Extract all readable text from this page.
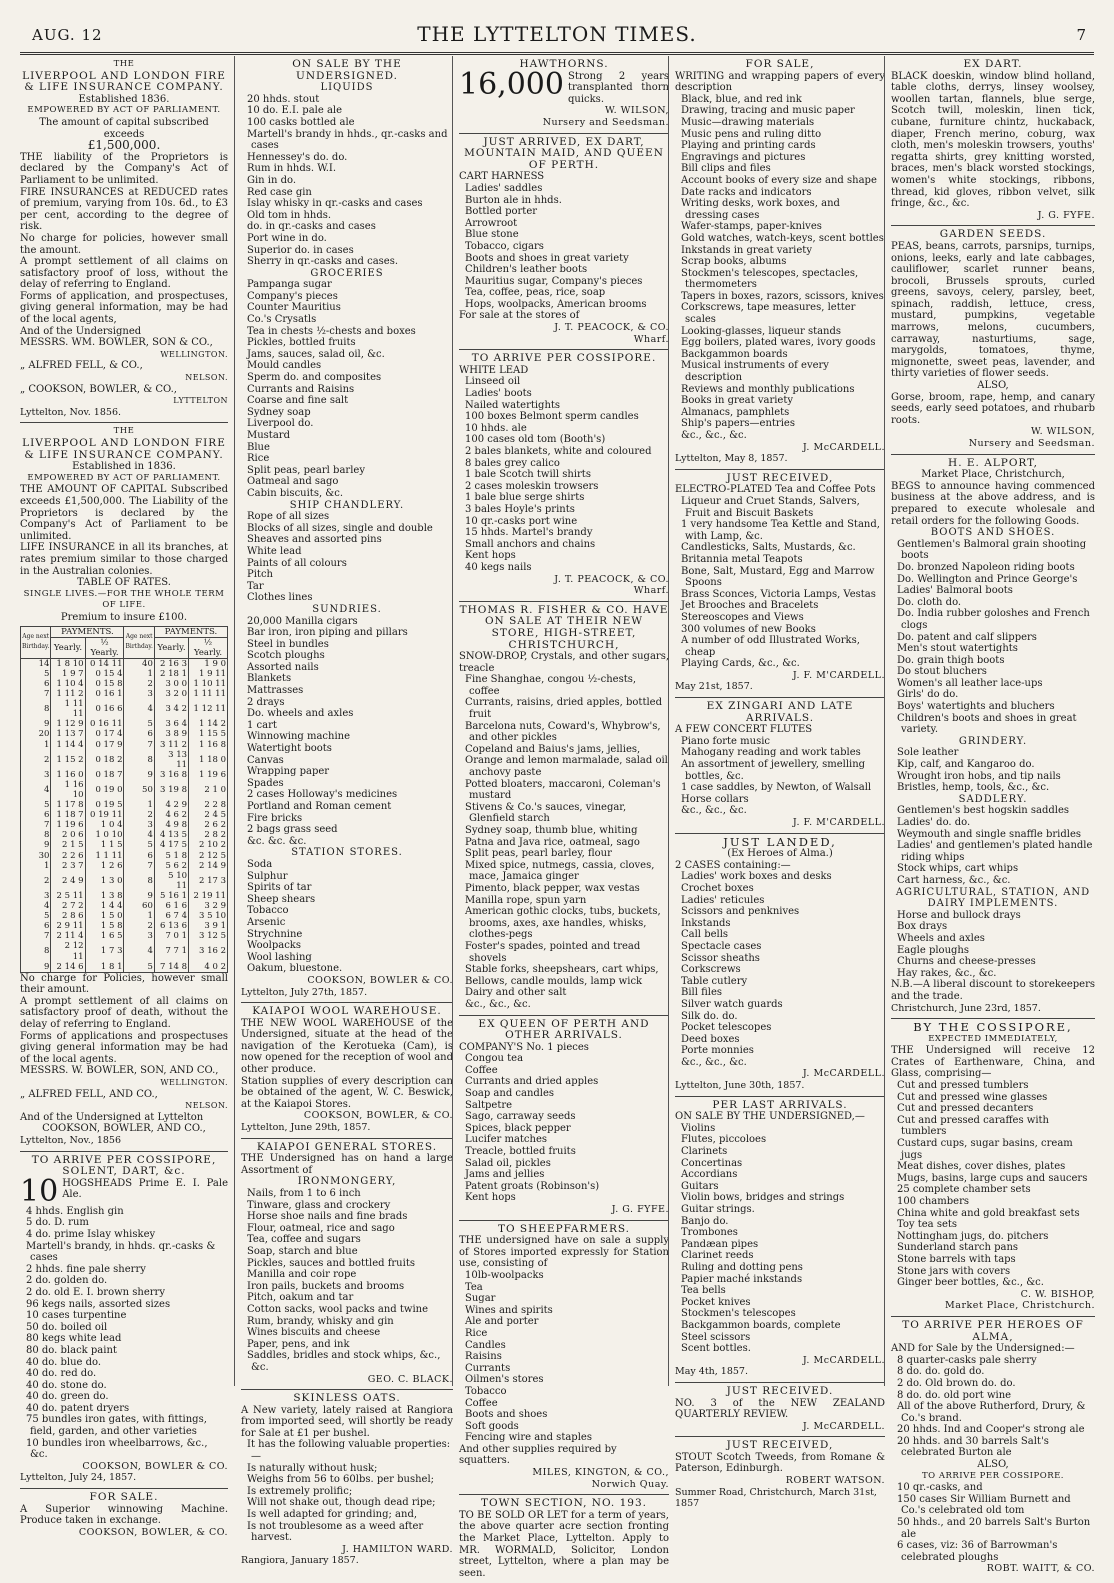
AUG. 12	THE LYTTELTON TIMES.	7
THE
LIVERPOOL AND LONDON FIRE & LIFE INSURANCE COMPANY.
Established 1836.
EMPOWERED BY ACT OF PARLIAMENT.
The amount of capital subscribed exceeds
£1,500,000.
THE liability of the Proprietors is declared by the Company's Act of Parliament to be unlimited.
FIRE INSURANCES at REDUCED rates of premium, varying from 10s. 6d., to £3 per cent, according to the degree of risk.
No charge for policies, however small the amount.
A prompt settlement of all claims on satisfactory proof of loss, without the delay of referring to England.
Forms of application, and prospectuses, giving general information, may be had of the local agents,
And of the Undersigned
MESSRS. WM. BOWLER, SON & CO.,
WELLINGTON.
„ ALFRED FELL, & CO.,
NELSON.
„ COOKSON, BOWLER, & CO.,
LYTTELTON
Lyttelton, Nov. 1856.
THE
LIVERPOOL AND LONDON FIRE & LIFE INSURANCE COMPANY.
Established in 1836.
EMPOWERED BY ACT OF PARLIAMENT.
THE AMOUNT OF CAPITAL Subscribed exceeds £1,500,000. The Liability of the Proprietors is declared by the Company's Act of Parliament to be unlimited.
LIFE INSURANCE in all its branches, at rates premium similar to those charged in the Australian colonies.
TABLE OF RATES.
SINGLE LIVES.—FOR THE WHOLE TERM OF LIFE.
Premium to insure £100.
Age next Birthday.	PAYMENTS.		Age next Birthday.	PAYMENTS.	
	Yearly.	½ Yearly.		Yearly.	½ Yearly.
14	1 8 10	0 14 11	40	2 16 3	1 9 0
5	1 9 7	0 15 4	1	2 18 1	1 9 11
6	1 10 4	0 15 8	2	3 0 0	1 10 11
7	1 11 2	0 16 1	3	3 2 0	1 11 11
8	1 11 11	0 16 6	4	3 4 2	1 12 11
9	1 12 9	0 16 11	5	3 6 4	1 14 2
20	1 13 7	0 17 4	6	3 8 9	1 15 5
1	1 14 4	0 17 9	7	3 11 2	1 16 8
2	1 15 2	0 18 2	8	3 13 11	1 18 0
3	1 16 0	0 18 7	9	3 16 8	1 19 6
4	1 16 10	0 19 0	50	3 19 8	2 1 0
5	1 17 8	0 19 5	1	4 2 9	2 2 8
6	1 18 7	0 19 11	2	4 6 2	2 4 5
7	1 19 6	1 0 4	3	4 9 8	2 6 2
8	2 0 6	1 0 10	4	4 13 5	2 8 2
9	2 1 5	1 1 5	5	4 17 5	2 10 2
30	2 2 6	1 1 11	6	5 1 8	2 12 5
1	2 3 7	1 2 6	7	5 6 2	2 14 9
2	2 4 9	1 3 0	8	5 10 11	2 17 3
3	2 5 11	1 3 8	9	5 16 1	2 19 11
4	2 7 2	1 4 4	60	6 1 6	3 2 9
5	2 8 6	1 5 0	1	6 7 4	3 5 10
6	2 9 11	1 5 8	2	6 13 6	3 9 1
7	2 11 4	1 6 5	3	7 0 1	3 12 5
8	2 12 11	1 7 3	4	7 7 1	3 16 2
9	2 14 6	1 8 1	5	7 14 8	4 0 2
No charge for Policies, however small their amount.
A prompt settlement of all claims on satisfactory proof of death, without the delay of referring to England.
Forms of applications and prospectuses giving general information may be had of the local agents.
MESSRS. W. BOWLER, SON, AND CO.,
WELLINGTON.
„ ALFRED FELL, AND CO.,
NELSON.
And of the Undersigned at Lyttelton
COOKSON, BOWLER, AND CO.,
Lyttelton, Nov., 1856
TO ARRIVE PER COSSIPORE, SOLENT, DART, &c.
10 HOGSHEADS Prime E. I. Pale Ale.
4 hhds. English gin
5 do. D. rum
4 do. prime Islay whiskey
Martell's brandy, in hhds. qr.-casks & cases
2 hhds. fine pale sherry
2 do. golden do.
2 do. old E. I. brown sherry
96 kegs nails, assorted sizes
10 cases turpentine
50 do. boiled oil
80 kegs white lead
80 do. black paint
40 do. blue do.
40 do. red do.
40 do. stone do.
40 do. green do.
40 do. patent dryers
75 bundles iron gates, with fittings, field, garden, and other varieties
10 bundles iron wheelbarrows, &c., &c.
COOKSON, BOWLER & CO.
Lyttelton, July 24, 1857.
FOR SALE.
A Superior winnowing Machine. Produce taken in exchange.
COOKSON, BOWLER, & CO.
ON SALE BY THE UNDERSIGNED.
LIQUIDS
20 hhds. stout
10 do. E.I. pale ale
100 casks bottled ale
Martell's brandy in hhds., qr.-casks and cases
Hennessey's do. do.
Rum in hhds. W.I.
Gin in do.
Red case gin
Islay whisky in qr.-casks and cases
Old tom in hhds.
do. in qr.-casks and cases
Port wine in do.
Superior do. in cases
Sherry in qr.-casks and cases.
GROCERIES
Pampanga sugar
Company's pieces
Counter Mauritius
Co.'s Crysatls
Tea in chests ½-chests and boxes
Pickles, bottled fruits
Jams, sauces, salad oil, &c.
Mould candles
Sperm do. and composites
Currants and Raisins
Coarse and fine salt
Sydney soap
Liverpool do.
Mustard
Blue
Rice
Split peas, pearl barley
Oatmeal and sago
Cabin biscuits, &c.
SHIP CHANDLERY.
Rope of all sizes
Blocks of all sizes, single and double
Sheaves and assorted pins
White lead
Paints of all colours
Pitch
Tar
Clothes lines
SUNDRIES.
20,000 Manilla cigars
Bar iron, iron piping and pillars
Steel in bundles
Scotch ploughs
Assorted nails
Blankets
Mattrasses
2 drays
Do. wheels and axles
1 cart
Winnowing machine
Watertight boots
Canvas
Wrapping paper
Spades
2 cases Holloway's medicines
Portland and Roman cement
Fire bricks
2 bags grass seed
&c. &c. &c.
STATION STORES.
Soda
Sulphur
Spirits of tar
Sheep shears
Tobacco
Arsenic
Strychnine
Woolpacks
Wool lashing
Oakum, bluestone.
COOKSON, BOWLER & CO.
Lyttelton, July 27th, 1857.
KAIAPOI WOOL WAREHOUSE.
THE NEW WOOL WAREHOUSE of the Undersigned, situate at the head of the navigation of the Kerotueka (Cam), is now opened for the reception of wool and other produce.
Station supplies of every description can be obtained of the agent, W. C. Beswick, at the Kaiapoi Stores.
COOKSON, BOWLER, & CO.
Lyttelton, June 29th, 1857.
KAIAPOI GENERAL STORES.
THE Undersigned has on hand a large Assortment of
IRONMONGERY,
Nails, from 1 to 6 inch
Tinware, glass and crockery
Horse shoe nails and fine brads
Flour, oatmeal, rice and sago
Tea, coffee and sugars
Soap, starch and blue
Pickles, sauces and bottled fruits
Manilla and coir rope
Iron pails, buckets and brooms
Pitch, oakum and tar
Cotton sacks, wool packs and twine
Rum, brandy, whisky and gin
Wines biscuits and cheese
Paper, pens, and ink
Saddles, bridles and stock whips, &c., &c.
GEO. C. BLACK.
SKINLESS OATS.
A New variety, lately raised at Rangiora from imported seed, will shortly be ready for Sale at £1 per bushel.
It has the following valuable properties:—
Is naturally without husk;
Weighs from 56 to 60lbs. per bushel;
Is extremely prolific;
Will not shake out, though dead ripe;
Is well adapted for grinding; and,
Is not troublesome as a weed after harvest.
J. HAMILTON WARD.
Rangiora, January 1857.
HAWTHORNS.
16,000 Strong 2 years transplanted thorn quicks.
W. WILSON,
Nursery and Seedsman.
JUST ARRIVED, EX DART, MOUNTAIN MAID, AND QUEEN OF PERTH.
CART HARNESS
Ladies' saddles
Burton ale in hhds.
Bottled porter
Arrowroot
Blue stone
Tobacco, cigars
Boots and shoes in great variety
Children's leather boots
Mauritius sugar, Company's pieces
Tea, coffee, peas, rice, soap
Hops, woolpacks, American brooms
For sale at the stores of
J. T. PEACOCK, & CO.
Wharf.
TO ARRIVE PER COSSIPORE.
WHITE LEAD
Linseed oil
Ladies' boots
Nailed watertights
100 boxes Belmont sperm candles
10 hhds. ale
100 cases old tom (Booth's)
2 bales blankets, white and coloured
8 bales grey calico
1 bale Scotch twill shirts
2 cases moleskin trowsers
1 bale blue serge shirts
3 bales Hoyle's prints
10 qr.-casks port wine
15 hhds. Martel's brandy
Small anchors and chains
Kent hops
40 kegs nails
J. T. PEACOCK, & CO.
Wharf.
THOMAS R. FISHER & CO. HAVE ON SALE AT THEIR NEW STORE, HIGH-STREET, CHRISTCHURCH,
SNOW-DROP, Crystals, and other sugars, treacle
Fine Shanghae, congou ½-chests, coffee
Currants, raisins, dried apples, bottled fruit
Barcelona nuts, Coward's, Whybrow's, and other pickles
Copeland and Baius's jams, jellies,
Orange and lemon marmalade, salad oil anchovy paste
Potted bloaters, maccaroni, Coleman's mustard
Stivens & Co.'s sauces, vinegar, Glenfield starch
Sydney soap, thumb blue, whiting
Patna and Java rice, oatmeal, sago
Split peas, pearl barley, flour
Mixed spice, nutmegs, cassia, cloves, mace, Jamaica ginger
Pimento, black pepper, wax vestas
Manilla rope, spun yarn
American gothic clocks, tubs, buckets, brooms, axes, axe handles, whisks, clothes-pegs
Foster's spades, pointed and tread shovels
Stable forks, sheepshears, cart whips,
Bellows, candle moulds, lamp wick
Dairy and other salt
&c., &c., &c.
EX QUEEN OF PERTH AND OTHER ARRIVALS.
COMPANY'S No. 1 pieces
Congou tea
Coffee
Currants and dried apples
Soap and candles
Saltpetre
Sago, carraway seeds
Spices, black pepper
Lucifer matches
Treacle, bottled fruits
Salad oil, pickles
Jams and jellies
Patent groats (Robinson's)
Kent hops
J. G. FYFE.
TO SHEEPFARMERS.
THE undersigned have on sale a supply of Stores imported expressly for Station use, consisting of
10lb-woolpacks
Tea
Sugar
Wines and spirits
Ale and porter
Rice
Candles
Raisins
Currants
Oilmen's stores
Tobacco
Coffee
Boots and shoes
Soft goods
Fencing wire and staples
And other supplies required by squatters.
MILES, KINGTON, & CO.,
Norwich Quay.
TOWN SECTION, NO. 193.
TO BE SOLD OR LET for a term of years, the above quarter acre section fronting the Market Place, Lyttelton. Apply to MR. WORMALD, Solicitor, London street, Lyttelton, where a plan may be seen.
FOR SALE,
WRITING and wrapping papers of every description
Black, blue, and red ink
Drawing, tracing and music paper
Music—drawing materials
Music pens and ruling ditto
Playing and printing cards
Engravings and pictures
Bill clips and files
Account books of every size and shape
Date racks and indicators
Writing desks, work boxes, and dressing cases
Wafer-stamps, paper-knives
Gold watches, watch-keys, scent bottles
Inkstands in great variety
Scrap books, albums
Stockmen's telescopes, spectacles, thermometers
Tapers in boxes, razors, scissors, knives
Corkscrews, tape measures, letter scales
Looking-glasses, liqueur stands
Egg boilers, plated wares, ivory goods
Backgammon boards
Musical instruments of every description
Reviews and monthly publications
Books in great variety
Almanacs, pamphlets
Ship's papers—entries
&c., &c., &c.
J. McCARDELL.
Lyttelton, May 8, 1857.
JUST RECEIVED,
ELECTRO-PLATED Tea and Coffee Pots
Liqueur and Cruet Stands, Salvers, Fruit and Biscuit Baskets
1 very handsome Tea Kettle and Stand, with Lamp, &c.
Candlesticks, Salts, Mustards, &c.
Britannia metal Teapots
Bone, Salt, Mustard, Egg and Marrow Spoons
Brass Sconces, Victoria Lamps, Vestas
Jet Brooches and Bracelets
Stereoscopes and Views
300 volumes of new Books
A number of odd Illustrated Works, cheap
Playing Cards, &c., &c.
J. F. M'CARDELL.
May 21st, 1857.
EX ZINGARI AND LATE ARRIVALS.
A FEW CONCERT FLUTES
Piano forte music
Mahogany reading and work tables
An assortment of jewellery, smelling bottles, &c.
1 case saddles, by Newton, of Walsall
Horse collars
&c., &c., &c.
J. F. M'CARDELL.
JUST LANDED,
(Ex Heroes of Alma.)
2 CASES containing:—
Ladies' work boxes and desks
Crochet boxes
Ladies' reticules
Scissors and penknives
Inkstands
Call bells
Spectacle cases
Scissor sheaths
Corkscrews
Table cutlery
Bill files
Silver watch guards
Silk do. do.
Pocket telescopes
Deed boxes
Porte monnies
&c., &c., &c.
J. McCARDELL.
Lyttelton, June 30th, 1857.
PER LAST ARRIVALS.
ON SALE BY THE UNDERSIGNED,—
Violins
Flutes, piccoloes
Clarinets
Concertinas
Accordians
Guitars
Violin bows, bridges and strings
Guitar strings.
Banjo do.
Trombones
Pandæan pipes
Clarinet reeds
Ruling and dotting pens
Papier maché inkstands
Tea bells
Pocket knives
Stockmen's telescopes
Backgammon boards, complete
Steel scissors
Scent bottles.
J. McCARDELL.
May 4th, 1857.
JUST RECEIVED.
NO. 3 of the NEW ZEALAND QUARTERLY REVIEW.
J. McCARDELL.
JUST RECEIVED,
STOUT Scotch Tweeds, from Romane & Paterson, Edinburgh.
ROBERT WATSON.
Summer Road, Christchurch, March 31st, 1857
EX DART.
BLACK doeskin, window blind holland, table cloths, derrys, linsey woolsey, woollen tartan, flannels, blue serge, Scotch twill, moleskin, linen tick, cubane, furniture chintz, huckaback, diaper, French merino, coburg, wax cloth, men's moleskin trowsers, youths' regatta shirts, grey knitting worsted, braces, men's black worsted stockings, women's white stockings, ribbons, thread, kid gloves, ribbon velvet, silk fringe, &c., &c.
J. G. FYFE.
GARDEN SEEDS.
PEAS, beans, carrots, parsnips, turnips, onions, leeks, early and late cabbages, cauliflower, scarlet runner beans, brocoli, Brussels sprouts, curled greens, savoys, celery, parsley, beet, spinach, raddish, lettuce, cress, mustard, pumpkins, vegetable marrows, melons, cucumbers, carraway, nasturtiums, sage, marygolds, tomatoes, thyme, mignonette, sweet peas, lavender, and thirty varieties of flower seeds.
ALSO,
Gorse, broom, rape, hemp, and canary seeds, early seed potatoes, and rhubarb roots.
W. WILSON,
Nursery and Seedsman.
H. E. ALPORT,
Market Place, Christchurch,
BEGS to announce having commenced business at the above address, and is prepared to execute wholesale and retail orders for the following Goods.
BOOTS AND SHOES.
Gentlemen's Balmoral grain shooting boots
Do. bronzed Napoleon riding boots
Do. Wellington and Prince George's
Ladies' Balmoral boots
Do. cloth do.
Do. India rubber goloshes and French clogs
Do. patent and calf slippers
Men's stout watertights
Do. grain thigh boots
Do stout bluchers
Women's all leather lace-ups
Girls' do do.
Boys' watertights and bluchers
Children's boots and shoes in great variety.
GRINDERY.
Sole leather
Kip, calf, and Kangaroo do.
Wrought iron hobs, and tip nails
Bristles, hemp, tools, &c., &c.
SADDLERY.
Gentlemen's best hogskin saddles
Ladies' do. do.
Weymouth and single snaffle bridles
Ladies' and gentlemen's plated handle riding whips
Stock whips, cart whips
Cart harness, &c., &c.
AGRICULTURAL, STATION, AND DAIRY IMPLEMENTS.
Horse and bullock drays
Box drays
Wheels and axles
Eagle ploughs
Churns and cheese-presses
Hay rakes, &c., &c.
N.B.—A liberal discount to storekeepers and the trade.
Christchurch, June 23rd, 1857.
BY THE COSSIPORE,
EXPECTED IMMEDIATELY,
THE Undersigned will receive 12 Crates of Earthenware, China, and Glass, comprising—
Cut and pressed tumblers
Cut and pressed wine glasses
Cut and pressed decanters
Cut and pressed caraffes with tumblers
Custard cups, sugar basins, cream jugs
Meat dishes, cover dishes, plates
Mugs, basins, large cups and saucers
25 complete chamber sets
100 chambers
China white and gold breakfast sets
Toy tea sets
Nottingham jugs, do. pitchers
Sunderland starch pans
Stone barrels with taps
Stone jars with covers
Ginger beer bottles, &c., &c.
C. W. BISHOP,
Market Place, Christchurch.
TO ARRIVE PER HEROES OF ALMA,
AND for Sale by the Undersigned:—
8 quarter-casks pale sherry
8 do. do. gold do.
2 do. Old brown do. do.
8 do. do. old port wine
All of the above Rutherford, Drury, & Co.'s brand.
20 hhds. Ind and Cooper's strong ale
20 hhds. and 30 barrels Salt's celebrated Burton ale
ALSO,
TO ARRIVE PER COSSIPORE.
10 qr.-casks, and
150 cases Sir William Burnett and Co.'s celebrated old tom
50 hhds., and 20 barrels Salt's Burton ale
6 cases, viz: 36 of Barrowman's celebrated ploughs
ROBT. WAITT, & CO.
